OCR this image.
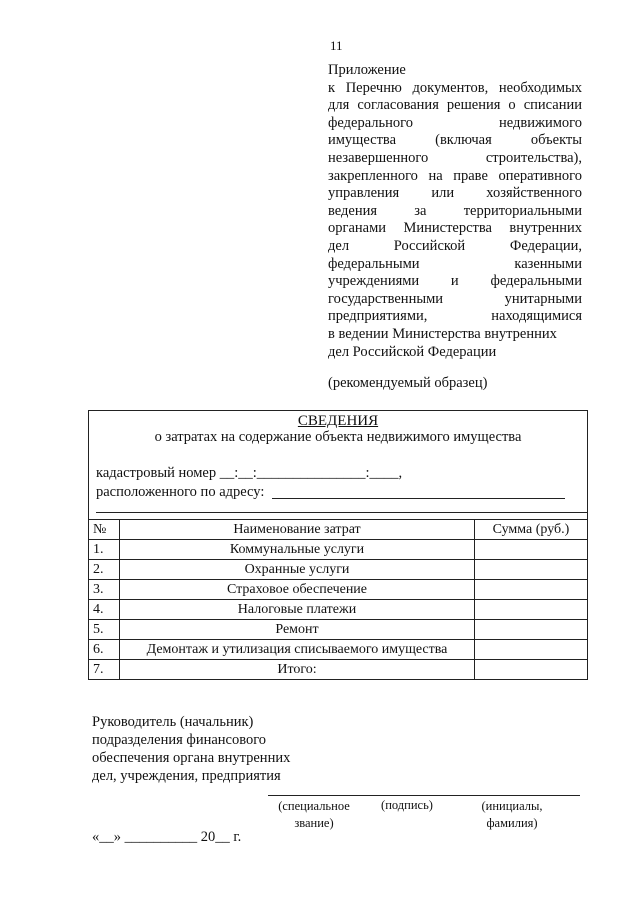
11
Приложение
к Перечню документов, необходимых
для согласования решения о списании
федерального недвижимого
имущества (включая объекты
незавершенного строительства),
закрепленного на праве оперативного
управления или хозяйственного
ведения за территориальными
органами Министерства внутренних
дел Российской Федерации,
федеральными казенными
учреждениями и федеральными
государственными унитарными
предприятиями, находящимися
в ведении Министерства внутренних
дел Российской Федерации
(рекомендуемый образец)
СВЕДЕНИЯ
о затратах на содержание объекта недвижимого имущества
кадастровый номер __:__:_______________:____,
расположенного по адресу:
№	Наименование затрат	Сумма (руб.)
1.	Коммунальные услуги	
2.	Охранные услуги	
3.	Страховое обеспечение	
4.	Налоговые платежи	
5.	Ремонт	
6.	Демонтаж и утилизация списываемого имущества	
7.	Итого:	
Руководитель (начальник)
подразделения финансового
обеспечения органа внутренних
дел, учреждения, предприятия
(специальное звание)
(подпись)	(инициалы, фамилия)
«__» __________ 20__ г.
